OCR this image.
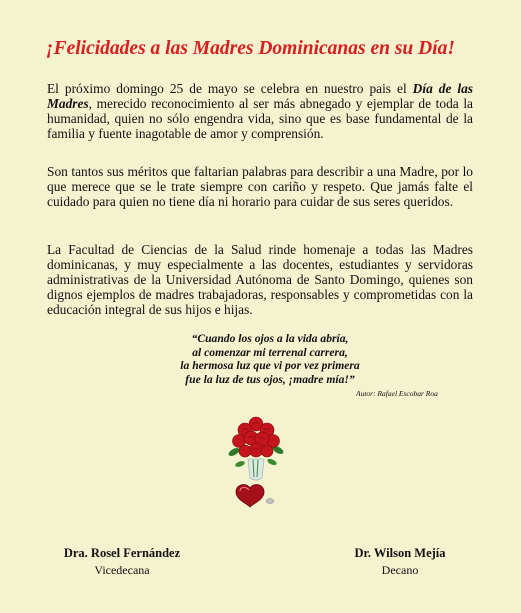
¡Felicidades a las Madres Dominicanas en su Día!

El próximo domingo 25 de mayo se celebra en nuestro pais el Día de las Madres, merecido reconocimiento al ser más abnegado y ejemplar de toda la humanidad, quien no sólo engendra vida, sino que es base fundamental de la familia y fuente inagotable de amor y comprensión.

Son tantos sus méritos que faltarian palabras para describir a una Madre, por lo que merece que se le trate siempre con cariño y respeto. Que jamás falte el cuidado para quien no tiene día ni horario para cuidar de sus seres queridos.

La Facultad de Ciencias de la Salud rinde homenaje a todas las Madres dominicanas, y muy especialmente a las docentes, estudiantes y servidoras administrativas de la Universidad Autónoma de Santo Domingo, quienes son dignos ejemplos de madres trabajadoras, responsables y comprometidas con la educación integral de sus hijos e hijas.

“Cuando los ojos a la vida abría,
al comenzar mi terrenal carrera,
la hermosa luz que vi por vez primera
fue la luz de tus ojos, ¡madre mía!”
Autor: Rafael Escobar Roa
Dra. Rosel Fernández
Vicedecana
Dr. Wilson Mejía
Decano
